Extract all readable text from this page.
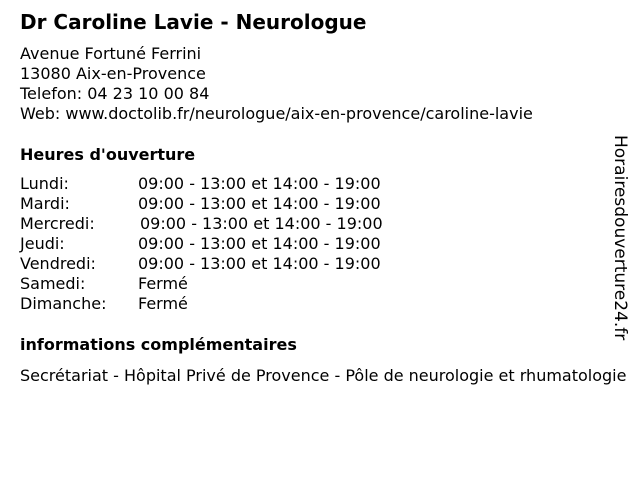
Dr Caroline Lavie - Neurologue
Avenue Fortuné Ferrini
13080 Aix-en-Provence
Telefon: 04 23 10 00 84
Web: www.doctolib.fr/neurologue/aix-en-provence/caroline-lavie
Heures d'ouverture
Lundi:	09:00 - 13:00 et 14:00 - 19:00
Mardi:	09:00 - 13:00 et 14:00 - 19:00
Mercredi:	09:00 - 13:00 et 14:00 - 19:00
Jeudi:	09:00 - 13:00 et 14:00 - 19:00
Vendredi:	09:00 - 13:00 et 14:00 - 19:00
Samedi:	Fermé
Dimanche: Fermé
informations complémentaires
Secrétariat - Hôpital Privé de Provence - Pôle de neurologie et rhumatologie
Horairesdouverture24.fr
